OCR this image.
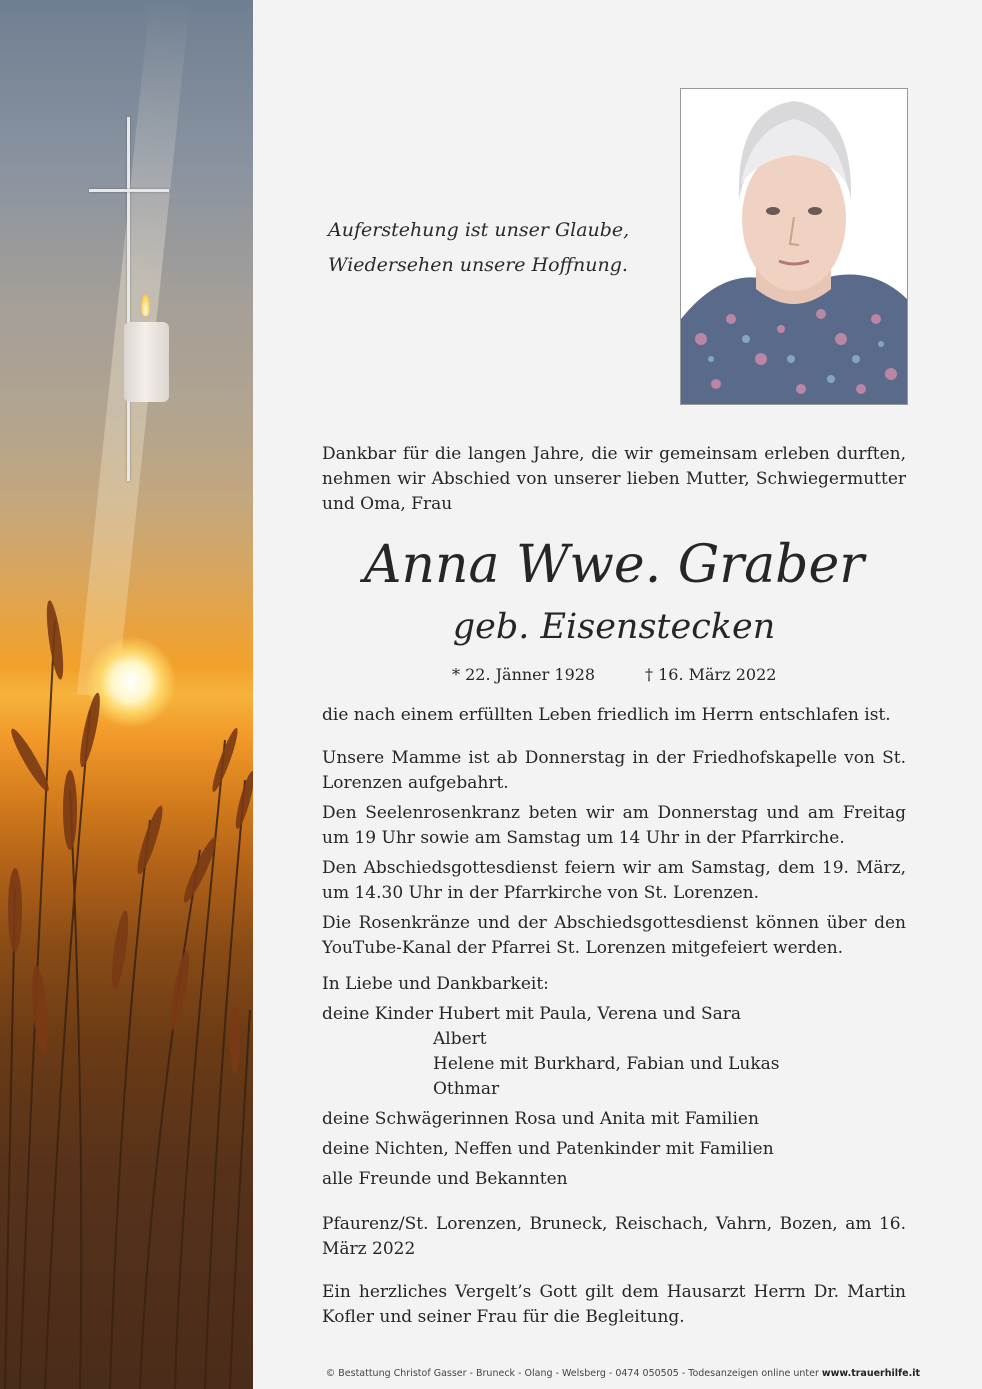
Auferstehung ist unser Glaube,
Wiedersehen unsere Hoffnung.
Dankbar für die langen Jahre, die wir gemeinsam erleben durften, nehmen wir Abschied von unserer lieben Mutter, Schwiegermutter und Oma, Frau
Anna Wwe. Graber
geb. Eisenstecken
* 22. Jänner 1928	† 16. März 2022
die nach einem erfüllten Leben friedlich im Herrn entschlafen ist.
Unsere Mamme ist ab Donnerstag in der Friedhofskapelle von St. Lorenzen aufgebahrt.
Den Seelenrosenkranz beten wir am Donnerstag und am Freitag um 19 Uhr sowie am Samstag um 14 Uhr in der Pfarrkirche.
Den Abschiedsgottesdienst feiern wir am Samstag, dem 19. März, um 14.30 Uhr in der Pfarrkirche von St. Lorenzen.
Die Rosenkränze und der Abschiedsgottesdienst können über den YouTube-Kanal der Pfarrei St. Lorenzen mitgefeiert werden.
In Liebe und Dankbarkeit:
deine Kinder Hubert mit Paula, Verena und Sara
Albert
Helene mit Burkhard, Fabian und Lukas
Othmar
deine Schwägerinnen Rosa und Anita mit Familien
deine Nichten, Neffen und Patenkinder mit Familien
alle Freunde und Bekannten
Pfaurenz/St. Lorenzen, Bruneck, Reischach, Vahrn, Bozen, am 16. März 2022
Ein herzliches Vergelt’s Gott gilt dem Hausarzt Herrn Dr. Martin Kofler und seiner Frau für die Begleitung.
© Bestattung Christof Gasser - Bruneck - Olang - Welsberg - 0474 050505 - Todesanzeigen online unter www.trauerhilfe.it
